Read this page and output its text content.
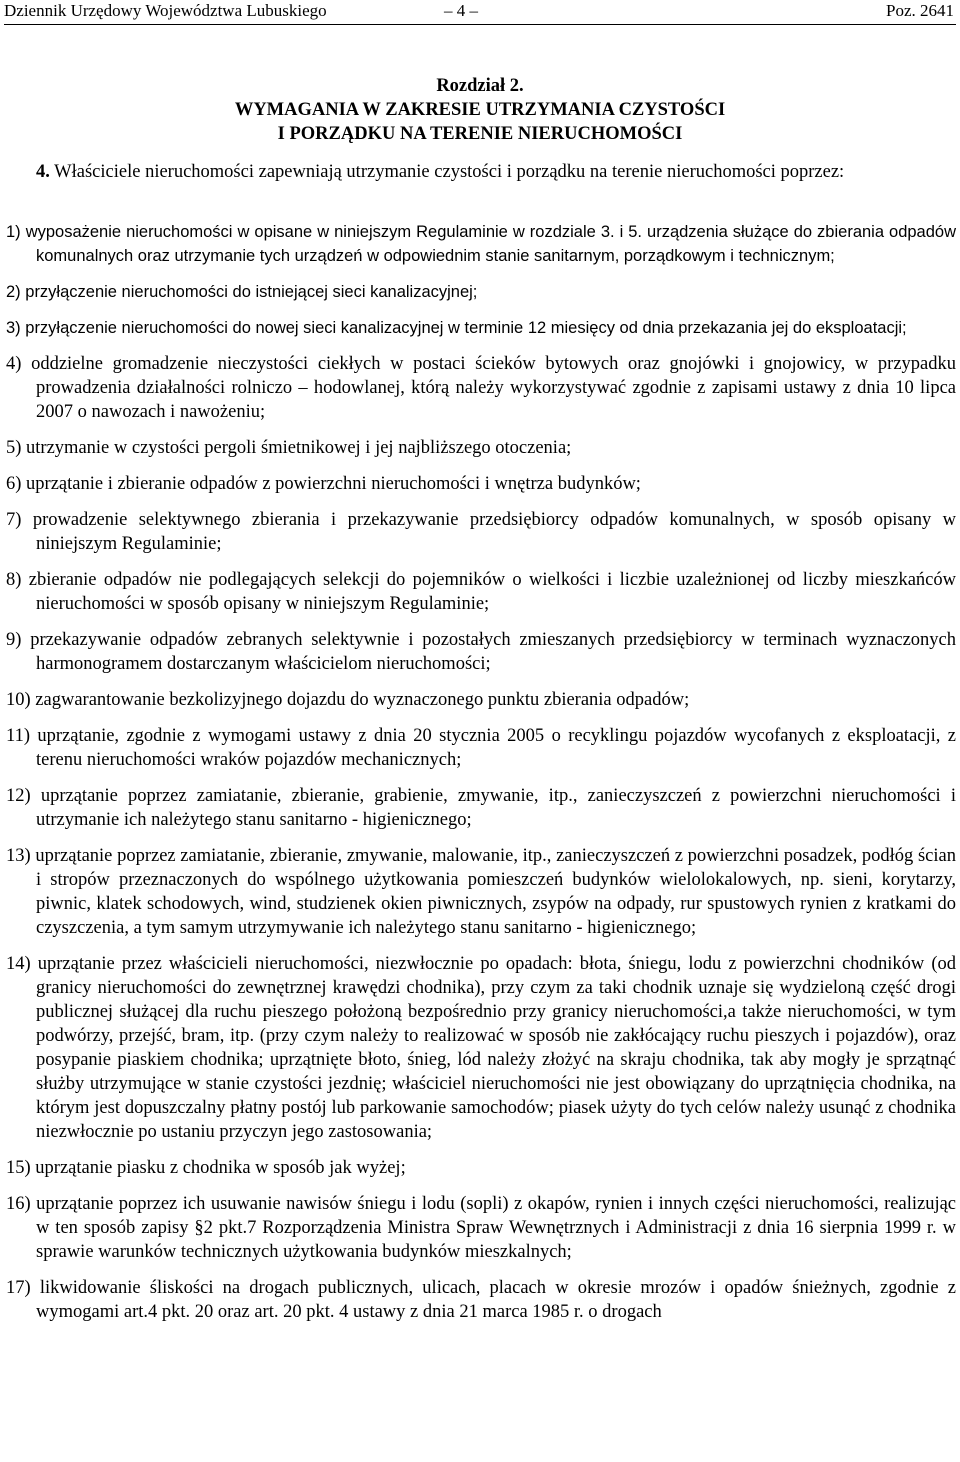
Dziennik Urzędowy Województwa Lubuskiego	– 4 –	Poz. 2641
Rozdział 2.
WYMAGANIA W ZAKRESIE UTRZYMANIA CZYSTOŚCI
I PORZĄDKU NA TERENIE NIERUCHOMOŚCI
4. Właściciele nieruchomości zapewniają utrzymanie czystości i porządku na terenie nieruchomości poprzez:
1) wyposażenie nieruchomości w opisane w niniejszym Regulaminie w rozdziale 3. i 5. urządzenia służące do zbierania odpadów komunalnych oraz utrzymanie tych urządzeń w odpowiednim stanie sanitarnym, porządkowym i technicznym;
2) przyłączenie nieruchomości do istniejącej sieci kanalizacyjnej;
3) przyłączenie nieruchomości do nowej sieci kanalizacyjnej w terminie 12 miesięcy od dnia przekazania jej do eksploatacji;
4) oddzielne gromadzenie nieczystości ciekłych w postaci ścieków bytowych oraz gnojówki i gnojowicy, w przypadku prowadzenia działalności rolniczo – hodowlanej, którą należy wykorzystywać zgodnie z zapisami ustawy z dnia 10 lipca 2007 o nawozach i nawożeniu;
5) utrzymanie w czystości pergoli śmietnikowej i jej najbliższego otoczenia;
6) uprzątanie i zbieranie odpadów z powierzchni nieruchomości i wnętrza budynków;
7) prowadzenie selektywnego zbierania i przekazywanie przedsiębiorcy odpadów komunalnych, w sposób opisany w niniejszym Regulaminie;
8) zbieranie odpadów nie podlegających selekcji do pojemników o wielkości i liczbie uzależnionej od liczby mieszkańców nieruchomości w sposób opisany w niniejszym Regulaminie;
9) przekazywanie odpadów zebranych selektywnie i pozostałych zmieszanych przedsiębiorcy w terminach wyznaczonych harmonogramem dostarczanym właścicielom nieruchomości;
10) zagwarantowanie bezkolizyjnego dojazdu do wyznaczonego punktu zbierania odpadów;
11) uprzątanie, zgodnie z wymogami ustawy z dnia 20 stycznia 2005 o recyklingu pojazdów wycofanych z eksploatacji, z terenu nieruchomości wraków pojazdów mechanicznych;
12) uprzątanie poprzez zamiatanie, zbieranie, grabienie, zmywanie, itp., zanieczyszczeń z powierzchni nieruchomości i utrzymanie ich należytego stanu sanitarno - higienicznego;
13) uprzątanie poprzez zamiatanie, zbieranie, zmywanie, malowanie, itp., zanieczyszczeń z powierzchni posadzek, podłóg ścian i stropów przeznaczonych do wspólnego użytkowania pomieszczeń budynków wielolokalowych, np. sieni, korytarzy, piwnic, klatek schodowych, wind, studzienek okien piwnicznych, zsypów na odpady, rur spustowych rynien z kratkami do czyszczenia, a tym samym utrzymywanie ich należytego stanu sanitarno - higienicznego;
14) uprzątanie przez właścicieli nieruchomości, niezwłocznie po opadach: błota, śniegu, lodu z powierzchni chodników (od granicy nieruchomości do zewnętrznej krawędzi chodnika), przy czym za taki chodnik uznaje się wydzieloną część drogi publicznej służącej dla ruchu pieszego położoną bezpośrednio przy granicy nieruchomości,a także nieruchomości, w tym podwórzy, przejść, bram, itp. (przy czym należy to realizować w sposób nie zakłócający ruchu pieszych i pojazdów), oraz posypanie piaskiem chodnika; uprzątnięte błoto, śnieg, lód należy złożyć na skraju chodnika, tak aby mogły je sprzątnąć służby utrzymujące w stanie czystości jezdnię; właściciel nieruchomości nie jest obowiązany do uprzątnięcia chodnika, na którym jest dopuszczalny płatny postój lub parkowanie samochodów; piasek użyty do tych celów należy usunąć z chodnika niezwłocznie po ustaniu przyczyn jego zastosowania;
15) uprzątanie piasku z chodnika w sposób jak wyżej;
16) uprzątanie poprzez ich usuwanie nawisów śniegu i lodu (sopli) z okapów, rynien i innych części nieruchomości, realizując w ten sposób zapisy §2 pkt.7 Rozporządzenia Ministra Spraw Wewnętrznych i Administracji z dnia 16 sierpnia 1999 r. w sprawie warunków technicznych użytkowania budynków mieszkalnych;
17) likwidowanie śliskości na drogach publicznych, ulicach, placach w okresie mrozów i opadów śnieżnych, zgodnie z wymogami art.4 pkt. 20 oraz art. 20 pkt. 4 ustawy z dnia 21 marca 1985 r. o drogach
